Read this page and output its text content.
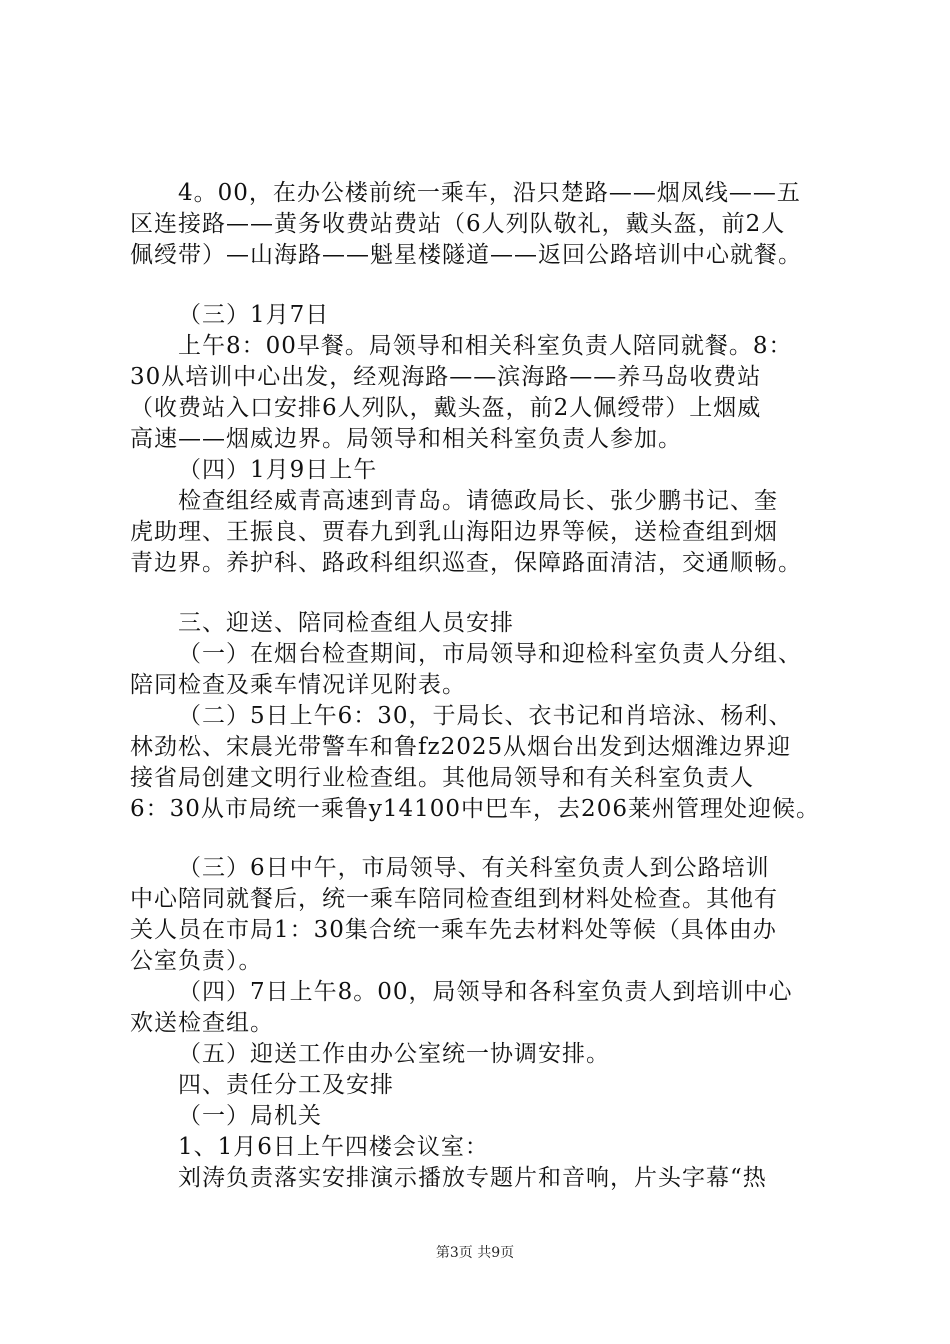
4。00，在办公楼前统一乘车，沿只楚路——烟凤线——五
区连接路——黄务收费站费站（6人列队敬礼，戴头盔，前2人
佩绶带）—山海路——魁星楼隧道——返回公路培训中心就餐。
（三）1月7日
上午8：00早餐。局领导和相关科室负责人陪同就餐。8：
30从培训中心出发，经观海路——滨海路——养马岛收费站
（收费站入口安排6人列队，戴头盔，前2人佩绶带）上烟威
高速——烟威边界。局领导和相关科室负责人参加。
（四）1月9日上午
检查组经威青高速到青岛。请德政局长、张少鹏书记、奎
虎助理、王振良、贾春九到乳山海阳边界等候，送检查组到烟
青边界。养护科、路政科组织巡查，保障路面清洁，交通顺畅。
三、迎送、陪同检查组人员安排
（一）在烟台检查期间，市局领导和迎检科室负责人分组、
陪同检查及乘车情况详见附表。
（二）5日上午6：30，于局长、衣书记和肖培泳、杨利、
林劲松、宋晨光带警车和鲁fz2025从烟台出发到达烟潍边界迎
接省局创建文明行业检查组。其他局领导和有关科室负责人
6：30从市局统一乘鲁y14100中巴车，去206莱州管理处迎候。
（三）6日中午，市局领导、有关科室负责人到公路培训
中心陪同就餐后，统一乘车陪同检查组到材料处检查。其他有
关人员在市局1：30集合统一乘车先去材料处等候（具体由办
公室负责）。
（四）7日上午8。00，局领导和各科室负责人到培训中心
欢送检查组。
（五）迎送工作由办公室统一协调安排。
四、责任分工及安排
（一）局机关
1、1月6日上午四楼会议室：
刘涛负责落实安排演示播放专题片和音响，片头字幕“热
第3页 共9页
